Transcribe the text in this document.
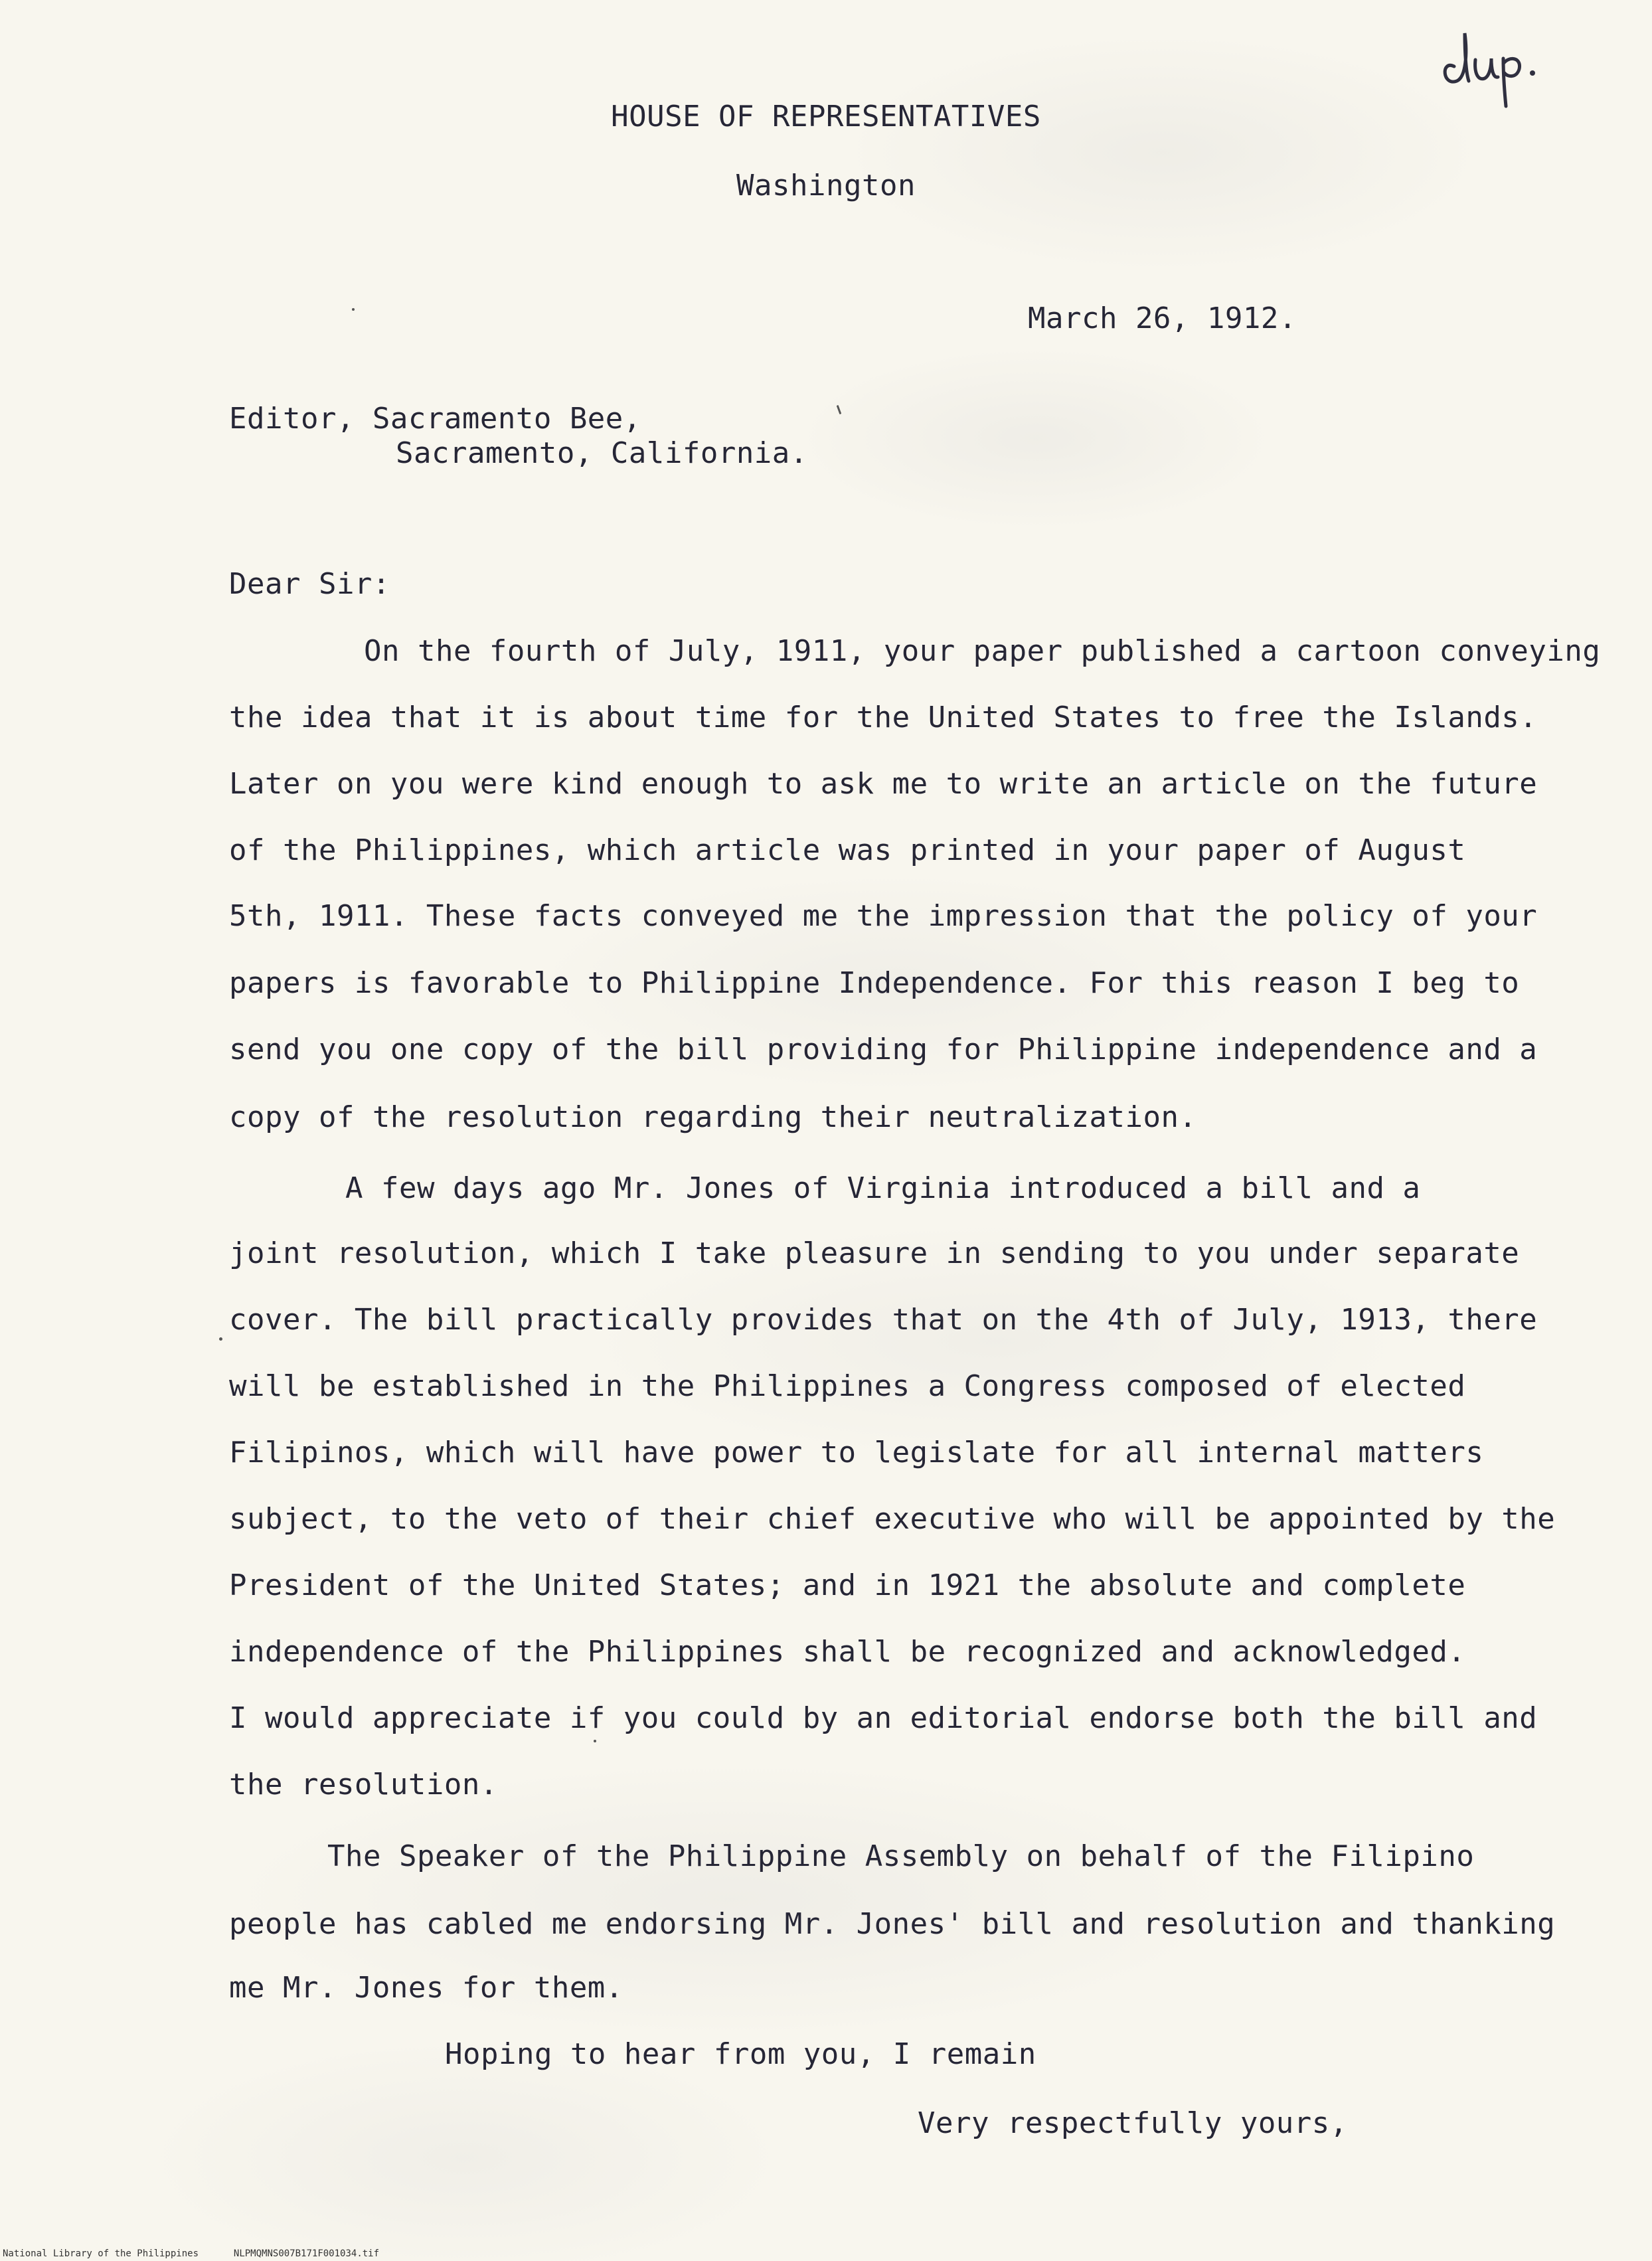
HOUSE OF REPRESENTATIVES
Washington
March 26, 1912.
Editor, Sacramento Bee,
Sacramento, California.
Dear Sir:
On the fourth of July, 1911, your paper published a cartoon conveying
the idea that it is about time for the United States to free the Islands.
Later on you were kind enough to ask me to write an article on the future
of the Philippines, which article was printed in your paper of August
5th, 1911. These facts conveyed me the impression that the policy of your
papers is favorable to Philippine Independence. For this reason I beg to
send you one copy of the bill providing for Philippine independence and a
copy of the resolution regarding their neutralization.
A few days ago Mr. Jones of Virginia introduced a bill and a
joint resolution, which I take pleasure in sending to you under separate
cover. The bill practically provides that on the 4th of July, 1913, there
will be established in the Philippines a Congress composed of elected
Filipinos, which will have power to legislate for all internal matters
subject, to the veto of their chief executive who will be appointed by the
President of the United States; and in 1921 the absolute and complete
independence of the Philippines shall be recognized and acknowledged.
I would appreciate if you could by an editorial endorse both the bill and
the resolution.
The Speaker of the Philippine Assembly on behalf of the Filipino
people has cabled me endorsing Mr. Jones' bill and resolution and thanking
me Mr. Jones for them.
Hoping to hear from you, I remain
Very respectfully yours,
National Library of the Philippines	NLPMQMNS007B171F001034.tif
